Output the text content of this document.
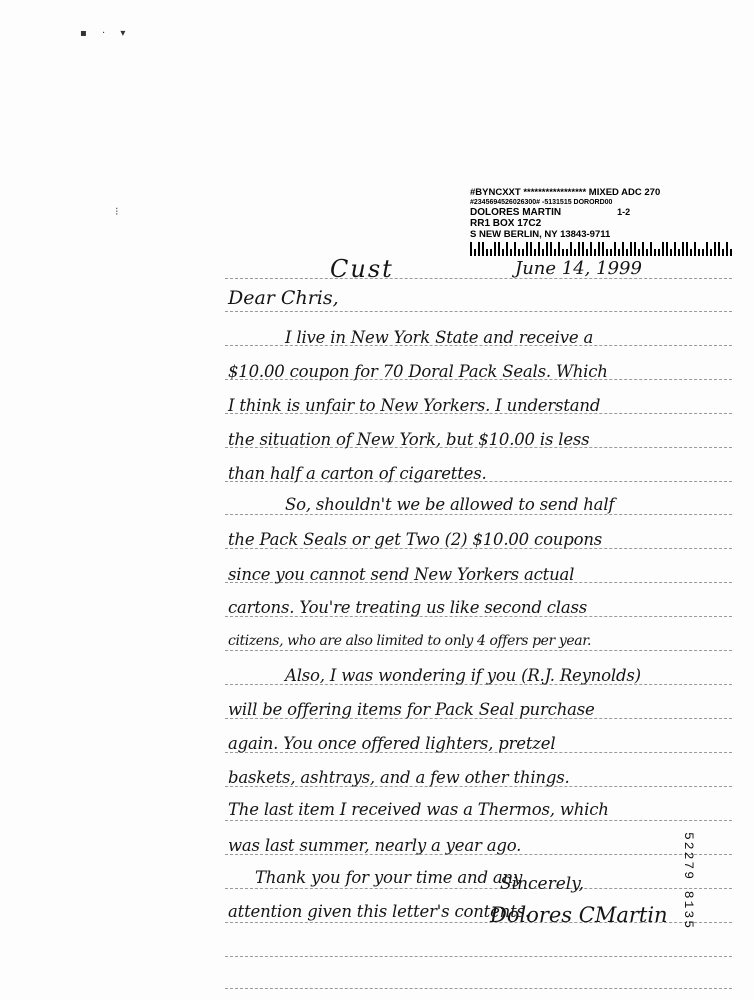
▪ · ▾
⁝
#BYNCXXT ***************** MIXED ADC 270
#2345694526026300# -5131515 DORORD00
DOLORES MARTIN	1-2
RR1 BOX 17C2
S NEW BERLIN, NY 13843-9711
Cust	June 14, 1999
Dear Chris,
I live in New York State and receive a
$10.00 coupon for 70 Doral Pack Seals. Which
I think is unfair to New Yorkers. I understand
the situation of New York, but $10.00 is less
than half a carton of cigarettes.
So, shouldn't we be allowed to send half
the Pack Seals or get Two (2) $10.00 coupons
since you cannot send New Yorkers actual
cartons. You're treating us like second class
citizens, who are also limited to only 4 offers per year.
Also, I was wondering if you (R.J. Reynolds)
will be offering items for Pack Seal purchase
again. You once offered lighters, pretzel
baskets, ashtrays, and a few other things.
The last item I received was a Thermos, which
was last summer, nearly a year ago.
Thank you for your time and any
attention given this letter's contents.
Sincerely,
Dolores CMartin 52279 8135
